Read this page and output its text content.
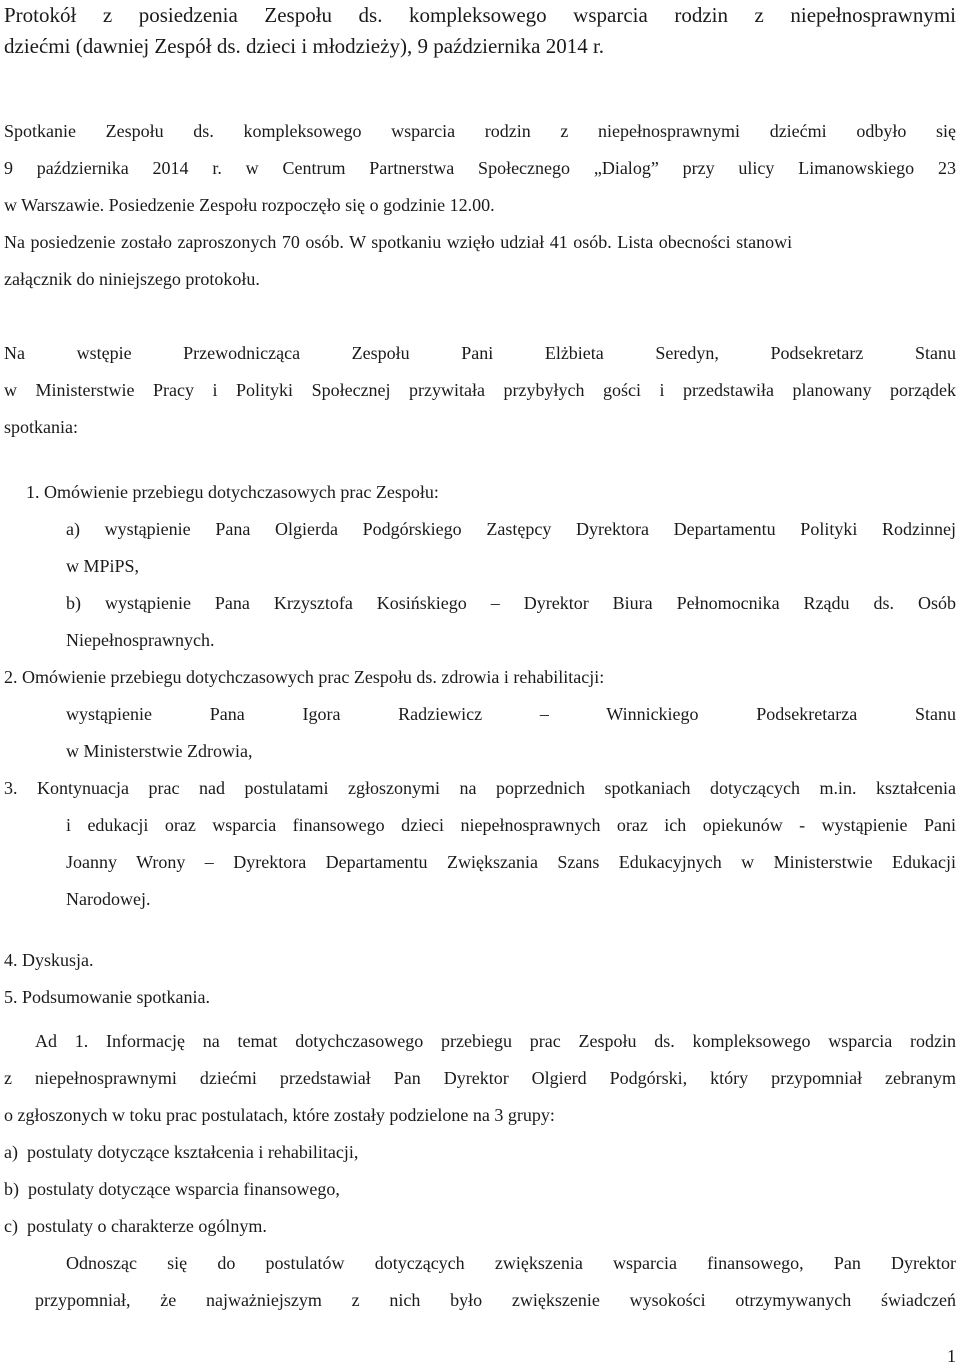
Protokół z posiedzenia Zespołu ds. kompleksowego wsparcia rodzin z niepełnosprawnymi
dziećmi (dawniej Zespół ds. dzieci i młodzieży), 9 października 2014 r.
Spotkanie Zespołu ds. kompleksowego wsparcia rodzin z niepełnosprawnymi dziećmi odbyło się
9 października 2014 r. w Centrum Partnerstwa Społecznego „Dialog” przy ulicy Limanowskiego 23
w Warszawie. Posiedzenie Zespołu rozpoczęło się o godzinie 12.00.
Na posiedzenie zostało zaproszonych 70 osób. W spotkaniu wzięło udział 41 osób. Lista obecności stanowi
załącznik do niniejszego protokołu.
Na wstępie Przewodnicząca Zespołu Pani Elżbieta Seredyn, Podsekretarz Stanu
w Ministerstwie Pracy i Polityki Społecznej przywitała przybyłych gości i przedstawiła planowany porządek
spotkania:
1. Omówienie przebiegu dotychczasowych prac Zespołu:
a) wystąpienie Pana Olgierda Podgórskiego Zastępcy Dyrektora Departamentu Polityki Rodzinnej
w MPiPS,
b) wystąpienie Pana Krzysztofa Kosińskiego – Dyrektor Biura Pełnomocnika Rządu ds. Osób
Niepełnosprawnych.
2. Omówienie przebiegu dotychczasowych prac Zespołu ds. zdrowia i rehabilitacji:
wystąpienie Pana Igora Radziewicz – Winnickiego Podsekretarza Stanu
w Ministerstwie Zdrowia,
3. Kontynuacja prac nad postulatami zgłoszonymi na poprzednich spotkaniach dotyczących m.in. kształcenia
i edukacji oraz wsparcia finansowego dzieci niepełnosprawnych oraz ich opiekunów - wystąpienie Pani
Joanny Wrony – Dyrektora Departamentu Zwiększania Szans Edukacyjnych w Ministerstwie Edukacji
Narodowej.
4. Dyskusja.
5. Podsumowanie spotkania.
Ad 1. Informację na temat dotychczasowego przebiegu prac Zespołu ds. kompleksowego wsparcia rodzin
z niepełnosprawnymi dziećmi przedstawiał Pan Dyrektor Olgierd Podgórski, który przypomniał zebranym
o zgłoszonych w toku prac postulatach, które zostały podzielone na 3 grupy:
a)  postulaty dotyczące kształcenia i rehabilitacji,
b)  postulaty dotyczące wsparcia finansowego,
c)  postulaty o charakterze ogólnym.
Odnosząc się do postulatów dotyczących zwiększenia wsparcia finansowego, Pan Dyrektor
przypomniał, że najważniejszym z nich było zwiększenie wysokości otrzymywanych świadczeń
1
